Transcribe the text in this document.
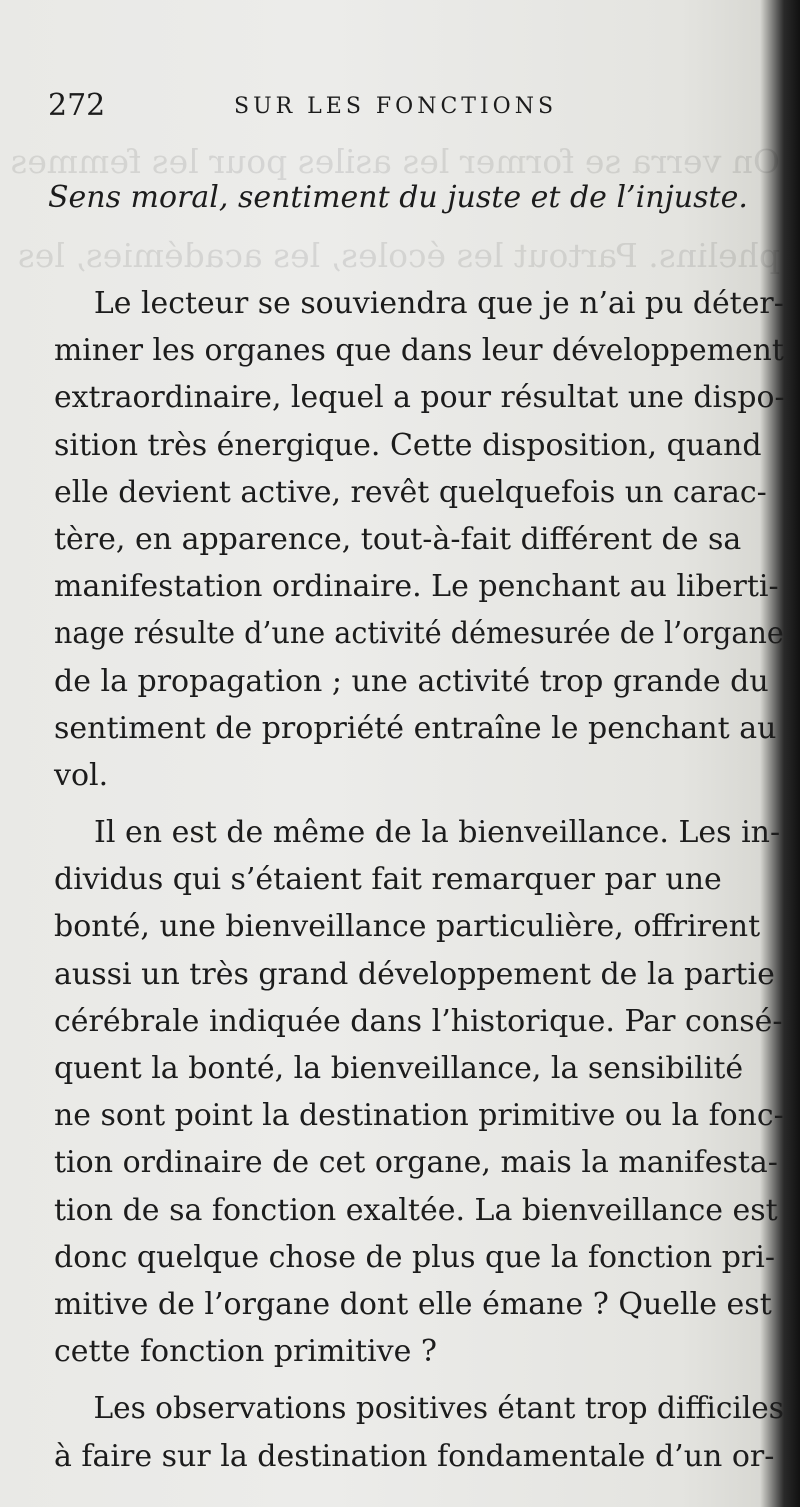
On verra se former les asiles pour les femmes
phelins. Partout les écoles, les académies, les
272	SUR LES FONCTIONS
Sens moral, sentiment du juste et de l’injuste.
Le lecteur se souviendra que je n’ai pu déter-
miner les organes que dans leur développement
extraordinaire, lequel a pour résultat une dispo-
sition très énergique. Cette disposition, quand
elle devient active, revêt quelquefois un carac-
tère, en apparence, tout-à-fait différent de sa
manifestation ordinaire. Le penchant au liberti-
nage résulte d’une activité démesurée de l’organe
de la propagation ; une activité trop grande du
sentiment de propriété entraîne le penchant au
vol.
Il en est de même de la bienveillance. Les in-
dividus qui s’étaient fait remarquer par une
bonté, une bienveillance particulière, offrirent
aussi un très grand développement de la partie
cérébrale indiquée dans l’historique. Par consé-
quent la bonté, la bienveillance, la sensibilité
ne sont point la destination primitive ou la fonc-
tion ordinaire de cet organe, mais la manifesta-
tion de sa fonction exaltée. La bienveillance est
donc quelque chose de plus que la fonction pri-
mitive de l’organe dont elle émane ? Quelle est
cette fonction primitive ?
Les observations positives étant trop difficiles
à faire sur la destination fondamentale d’un or-
